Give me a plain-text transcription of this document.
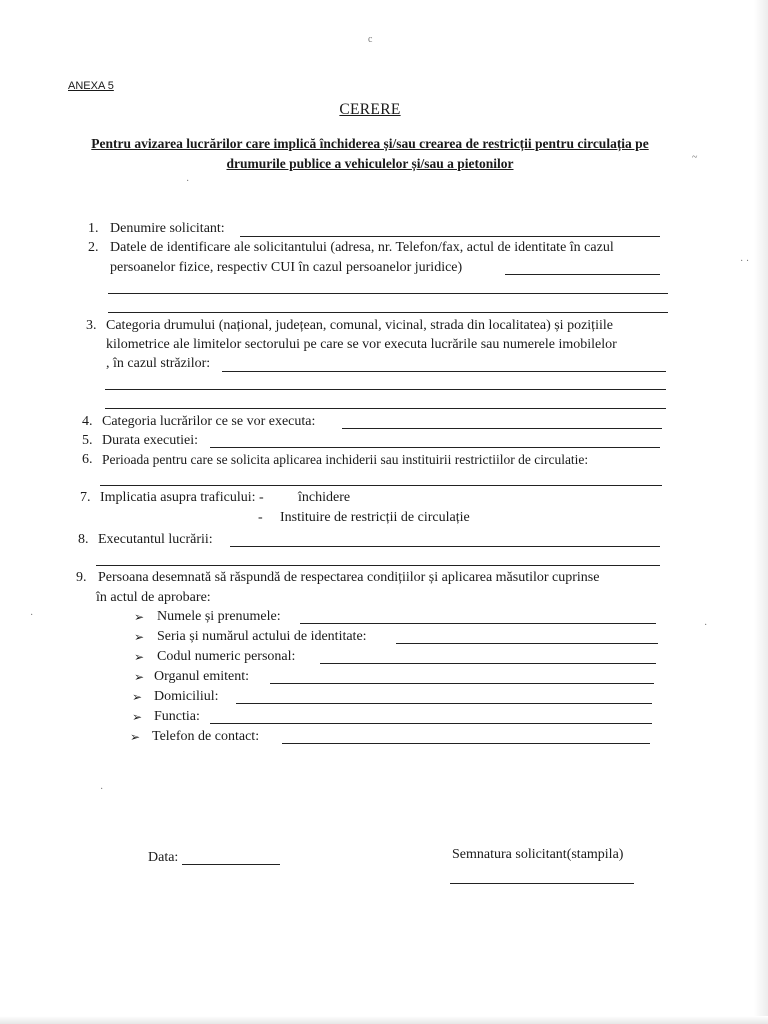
ANEXA 5
CERERE
Pentru avizarea lucrărilor care implică închiderea și/sau crearea de restricții pentru circulația pe drumurile publice a vehiculelor și/sau a pietonilor
1. Denumire solicitant:
2. Datele de identificare ale solicitantului (adresa, nr. Telefon/fax, actul de identitate în cazul
persoanelor fizice, respectiv CUI în cazul persoanelor juridice)
3. Categoria drumului (național, județean, comunal, vicinal, strada din localitatea) și pozițiile
kilometrice ale limitelor sectorului pe care se vor executa lucrările sau numerele imobilelor
, în cazul străzilor:
4. Categoria lucrărilor ce se vor executa:
5. Durata executiei:
6. Perioada pentru care se solicita aplicarea inchiderii sau instituirii restrictiilor de circulatie:
7. Implicatia asupra traficului: - închidere
- Instituire de restricții de circulație
8. Executantul lucrării:
9. Persoana desemnată să răspundă de respectarea condițiilor și aplicarea măsutilor cuprinse
în actul de aprobare:
➢ Numele și prenumele:
➢ Seria și numărul actului de identitate:
➢ Codul numeric personal:
➢ Organul emitent:
➢ Domiciliul:
➢ Functia:
➢ Telefon de contact:
Data:	Semnatura solicitant(stampila)
c
~
·
· ·
·
·
·
